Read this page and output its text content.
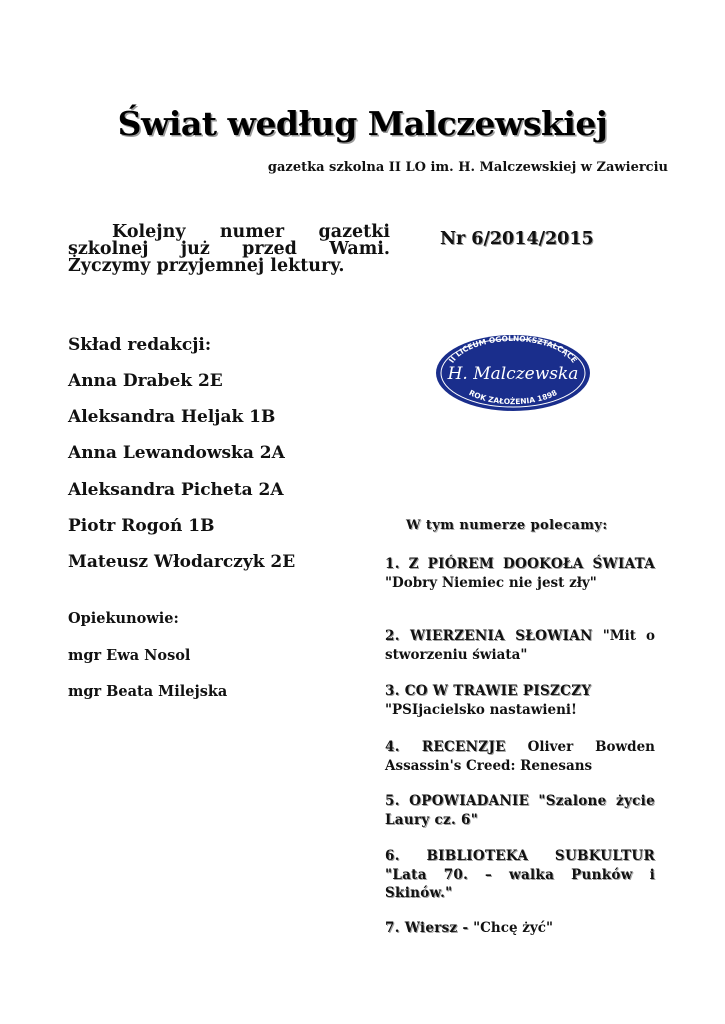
Świat według Malczewskiej
gazetka szkolna II LO im. H. Malczewskiej w Zawierciu
Kolejny numer gazetki szkolnej już przed Wami. Życzymy przyjemnej lektury.
Nr 6/2014/2015
Skład redakcji:
Anna Drabek 2E
Aleksandra Heljak 1B
Anna Lewandowska 2A
Aleksandra Picheta 2A
Piotr Rogoń 1B
Mateusz Włodarczyk 2E
Opiekunowie:
mgr Ewa Nosol
mgr Beata Milejska
II LICEUM OGÓLNOKSZTAŁCĄCE
H. Malczewska
ROK ZAŁOŻENIA 1898
W tym numerze polecamy:
1. Z PIÓREM DOOKOŁA ŚWIATA "Dobry Niemiec nie jest zły"
2. WIERZENIA SŁOWIAN "Mit o stworzeniu świata"
3. CO W TRAWIE PISZCZY
"PSIjacielsko nastawieni!
4. RECENZJE Oliver Bowden Assassin's Creed: Renesans
5. OPOWIADANIE "Szalone życie Laury cz. 6"
6. BIBLIOTEKA SUBKULTUR "Lata 70. – walka Punków i Skinów."
7. Wiersz - "Chcę żyć"
